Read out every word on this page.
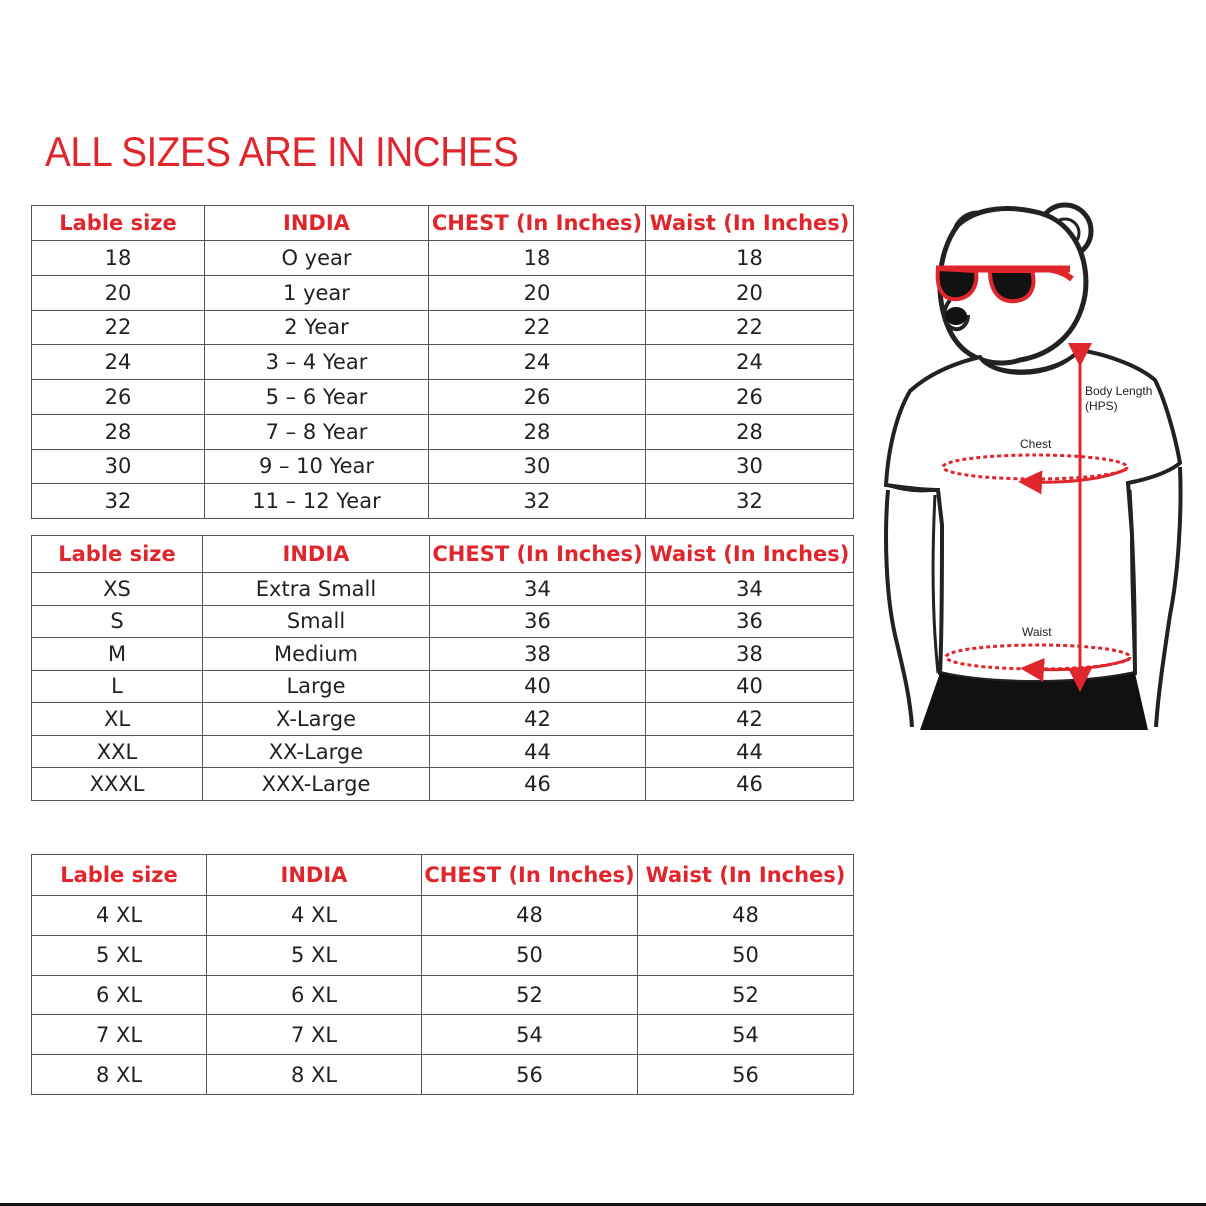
ALL SIZES ARE IN INCHES
Lable size	INDIA	CHEST (In Inches)	Waist (In Inches)
18	O year	18	18
20	1 year	20	20
22	2 Year	22	22
24	3 – 4 Year	24	24
26	5 – 6 Year	26	26
28	7 – 8 Year	28	28
30	9 – 10 Year	30	30
32	11 – 12 Year	32	32
Lable size	INDIA	CHEST (In Inches)	Waist (In Inches)
XS	Extra Small	34	34
S	Small	36	36
M	Medium	38	38
L	Large	40	40
XL	X-Large	42	42
XXL	XX-Large	44	44
XXXL	XXX-Large	46	46
Lable size	INDIA	CHEST (In Inches)	Waist (In Inches)
4 XL	4 XL	48	48
5 XL	5 XL	50	50
6 XL	6 XL	52	52
7 XL	7 XL	54	54
8 XL	8 XL	56	56
Body Length
(HPS)
Chest
Waist
